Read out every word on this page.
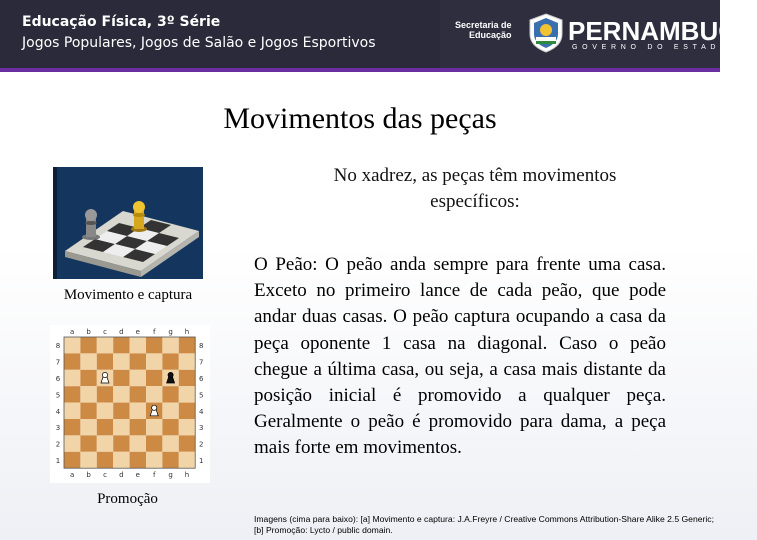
Educação Física, 3º Série
Jogos Populares, Jogos de Salão e Jogos Esportivos
Secretaria de
Educação PERNAMBUCO
GOVERNO DO ESTADO
Movimentos das peças
No xadrez, as peças têm movimentos específicos:
Movimento e captura
a
a
b
b
c
c
d
d
e
e
f
f
g
g
h
h
8	8
7	7
6	6
5	5
4	4
3	3
2	2
1	1
Promoção
O Peão: O peão anda sempre para frente uma casa. Exceto no primeiro lance de cada peão, que pode andar duas casas. O peão captura ocupando a casa da peça oponente 1 casa na diagonal. Caso o peão chegue a última casa, ou seja, a casa mais distante da posição inicial é promovido a qualquer peça. Geralmente o peão é promovido para dama, a peça mais forte em movimentos.
Imagens (cima para baixo): [a] Movimento e captura: J.A.Freyre / Creative Commons Attribution-Share Alike 2.5 Generic; [b] Promoção: Lycto / public domain.
